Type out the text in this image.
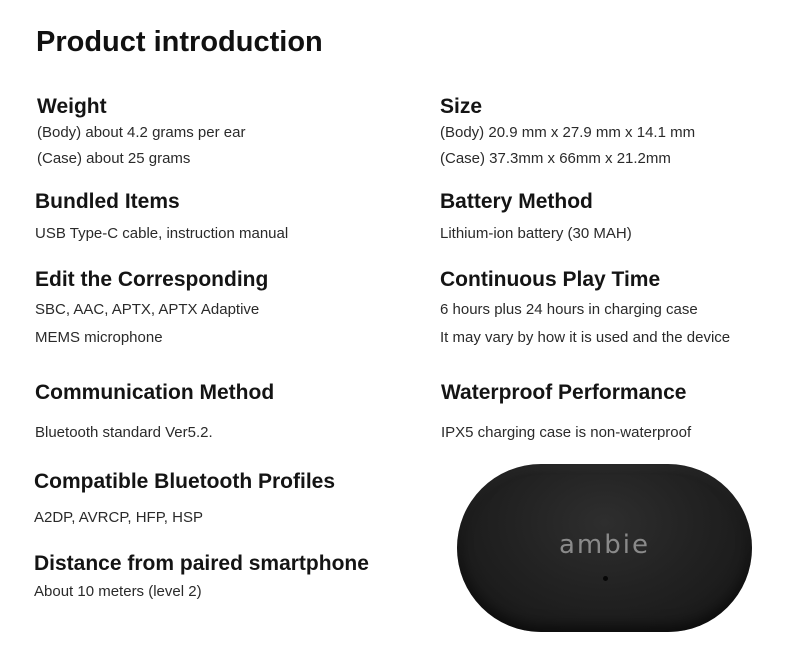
Product introduction
Weight

(Body) about 4.2 grams per ear

(Case) about 25 grams

Size

(Body) 20.9 mm x 27.9 mm x 14.1 mm

(Case) 37.3mm x 66mm x 21.2mm

Bundled Items

USB Type-C cable, instruction manual

Battery Method

Lithium-ion battery (30 MAH)

Edit the Corresponding

SBC, AAC, APTX, APTX Adaptive

MEMS microphone

Continuous Play Time

6 hours plus 24 hours in charging case

It may vary by how it is used and the device

Communication Method

Bluetooth standard Ver5.2.

Waterproof Performance

IPX5 charging case is non-waterproof

Compatible Bluetooth Profiles

A2DP, AVRCP, HFP, HSP

Distance from paired smartphone

About 10 meters (level 2)

ambie
